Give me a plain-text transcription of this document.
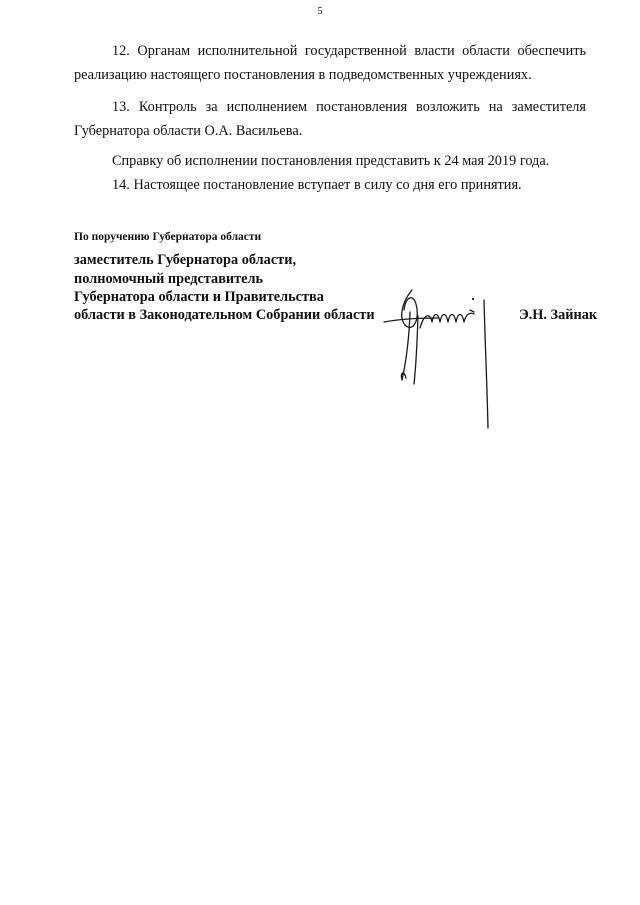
5

12. Органам исполнительной государственной власти области обеспечить реализацию настоящего постановления в подведомственных учреждениях.

13. Контроль за исполнением постановления возложить на заместителя Губернатора области О.А. Васильева.

Справку об исполнении постановления представить к 24 мая 2019 года.

14. Настоящее постановление вступает в силу со дня его принятия.

По поручению Губернатора области
заместитель Губернатора области,
полномочный представитель
Губернатора области и Правительства
области в Законодательном Собрании области	Э.Н. Зайнак
